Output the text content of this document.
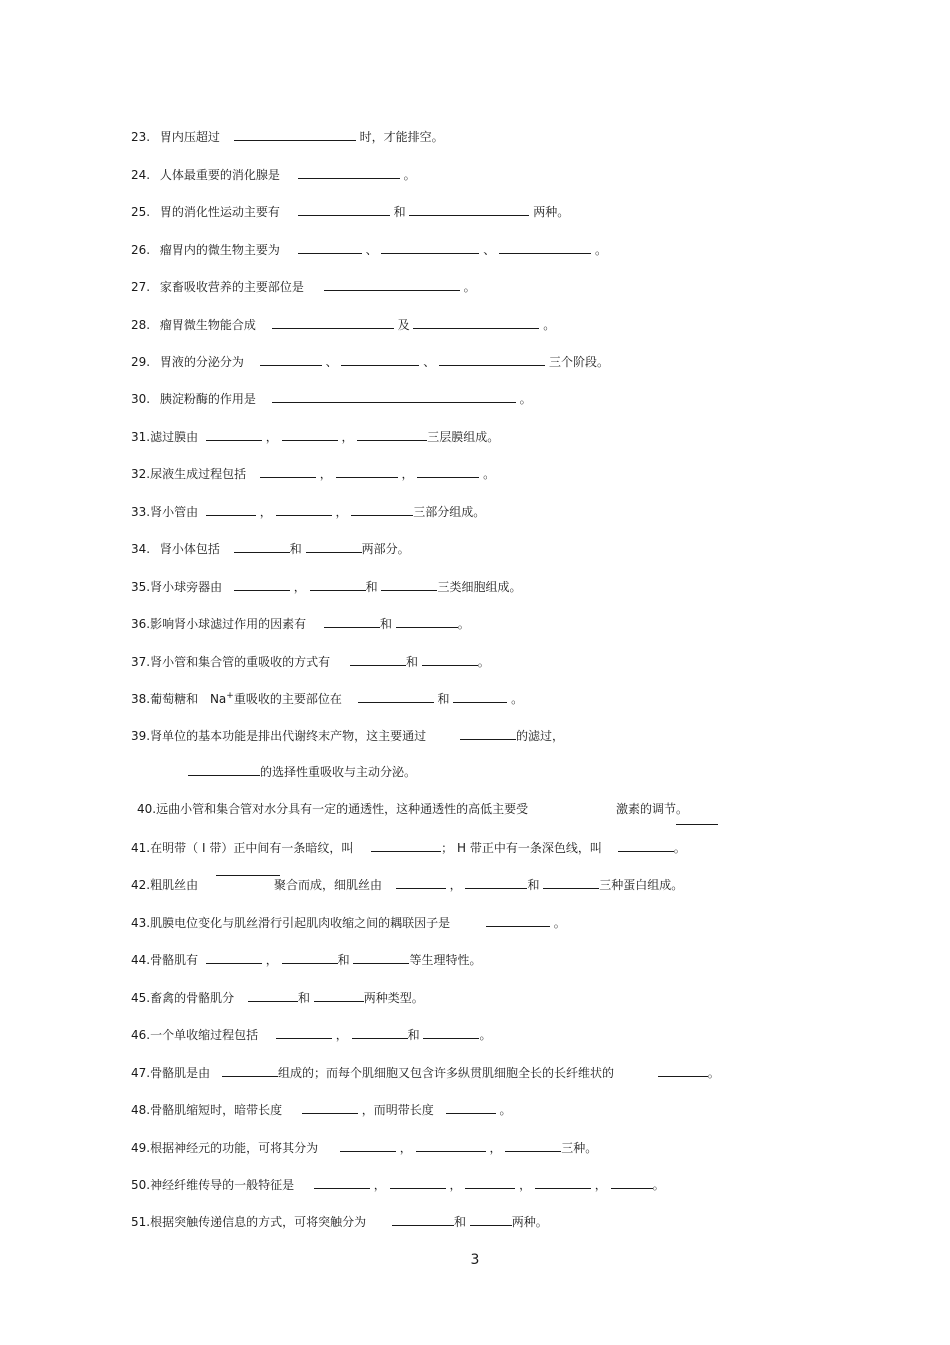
23. 胃内压超过	时，才能排空。
24. 人体最重要的消化腺是	。
25. 胃的消化性运动主要有	和	两种。
26. 瘤胃内的微生物主要为	、	、	。
27. 家畜吸收营养的主要部位是	。
28. 瘤胃微生物能合成	及	。
29. 胃液的分泌分为	、	、	三个阶段。
30. 胰淀粉酶的作用是	。
31.滤过膜由	，	，	三层膜组成。
32.尿液生成过程包括	，	，	。
33.肾小管由	，	，	三部分组成。
34. 肾小体包括	和	两部分。
35.肾小球旁器由	，	和	三类细胞组成。
36.影响肾小球滤过作用的因素有	和	。
37.肾小管和集合管的重吸收的方式有	和	。
38.葡萄糖和 Na+重吸收的主要部位在	和	。
39.肾单位的基本功能是排出代谢终末产物，这主要通过	的滤过，
的选择性重吸收与主动分泌。
40.远曲小管和集合管对水分具有一定的通透性，这种通透性的高低主要受	激素的调节。
41.在明带（ I 带）正中间有一条暗纹，叫	； H 带正中有一条深色线，叫	。
42.粗肌丝由	聚合而成，细肌丝由	，	和	三种蛋白组成。
43.肌膜电位变化与肌丝滑行引起肌肉收缩之间的耦联因子是	。
44.骨骼肌有	，	和	等生理特性。
45.畜禽的骨骼肌分	和	两种类型。
46.一个单收缩过程包括	，	和	。
47.骨骼肌是由	组成的；而每个肌细胞又包含许多纵贯肌细胞全长的长纤维状的	。
48.骨骼肌缩短时，暗带长度	，而明带长度	。
49.根据神经元的功能，可将其分为	，	，	三种。
50.神经纤维传导的一般特征是	，	，	，	，	。
51.根据突触传递信息的方式，可将突触分为	和	两种。
3
